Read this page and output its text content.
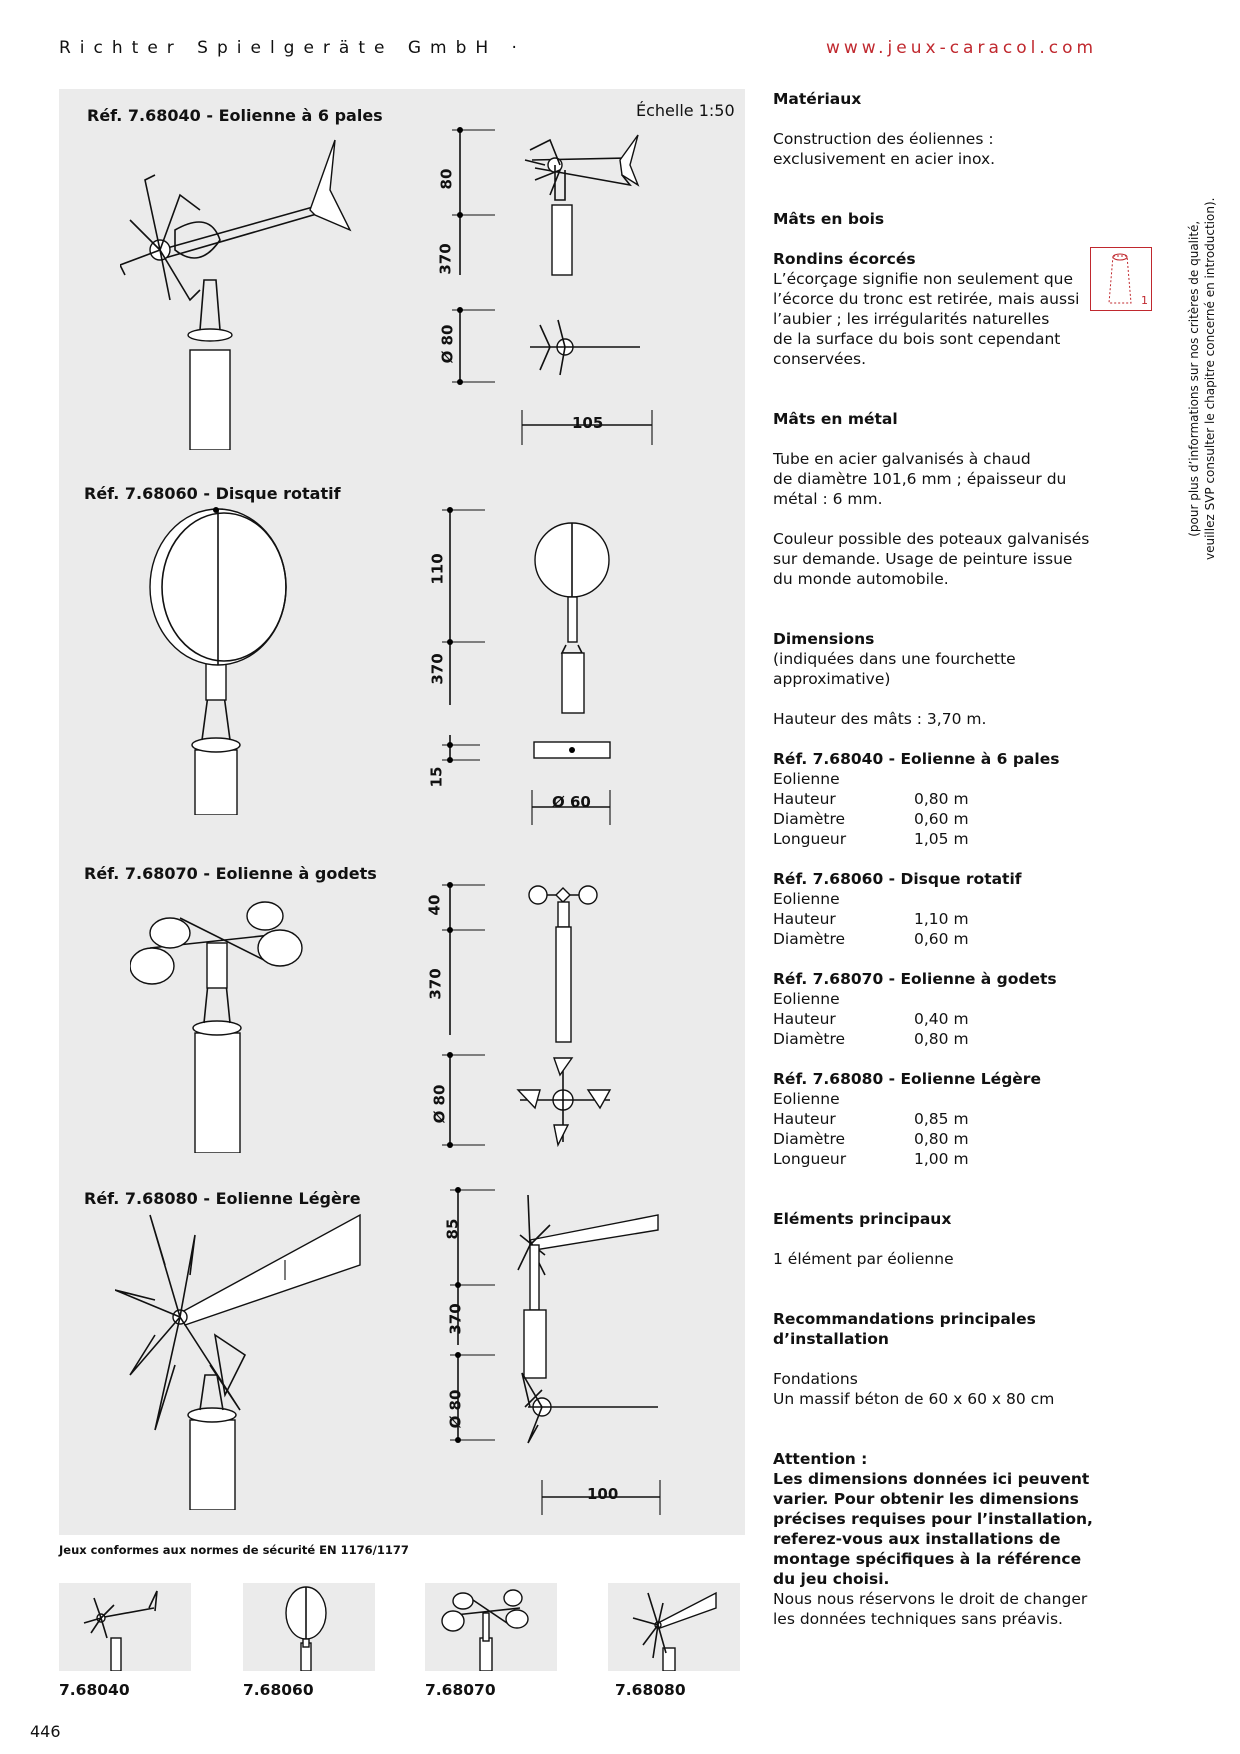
Richter Spielgeräte GmbH ·	www.jeux-caracol.com
Échelle 1:50
Réf. 7.68040 - Eolienne à 6 pales
Réf. 7.68060 - Disque rotatif
Réf. 7.68070 - Eolienne à godets
Réf. 7.68080 - Eolienne Légère
80
370
Ø 80
105
110
370
15
Ø 60
40
370
Ø 80
85
370
Ø 80
100
Jeux conformes aux normes de sécurité EN 1176/1177
7.68040	7.68060	7.68070	7.68080
446
Matériaux

Construction des éoliennes :

exclusivement en acier inox.

Mâts en bois
Rondins écorcés

L’écorçage signifie non seulement que

l’écorce du tronc est retirée, mais aussi

l’aubier ; les irrégularités naturelles

de la surface du bois sont cependant

conservées.

Mâts en métal

Tube en acier galvanisés à chaud

de diamètre 101,6 mm ; épaisseur du

métal : 6 mm.

Couleur possible des poteaux galvanisés

sur demande. Usage de peinture issue

du monde automobile.

Dimensions

(indiquées dans une fourchette

approximative)

Hauteur des mâts : 3,70 m.

Réf. 7.68040 - Eolienne à 6 pales

Eolienne

Hauteur	0,80 m
Diamètre	0,60 m
Longueur	1,05 m
Réf. 7.68060 - Disque rotatif

Eolienne

Hauteur	1,10 m
Diamètre	0,60 m
Réf. 7.68070 - Eolienne à godets

Eolienne

Hauteur	0,40 m
Diamètre	0,80 m
Réf. 7.68080 - Eolienne Légère

Eolienne

Hauteur	0,85 m
Diamètre	0,80 m
Longueur	1,00 m
Eléments principaux

1 élément par éolienne

Recommandations principales
d’installation

Fondations

Un massif béton de 60 x 60 x 80 cm

Attention :
Les dimensions données ici peuvent
varier. Pour obtenir les dimensions
précises requises pour l’installation,
referez-vous aux installations de
montage spécifiques à la référence
du jeu choisi.

Nous nous réservons le droit de changer

les données techniques sans préavis.

1	(pour plus d’informations sur nos critères de qualité, veuillez SVP consulter le chapitre concerné en introduction).
